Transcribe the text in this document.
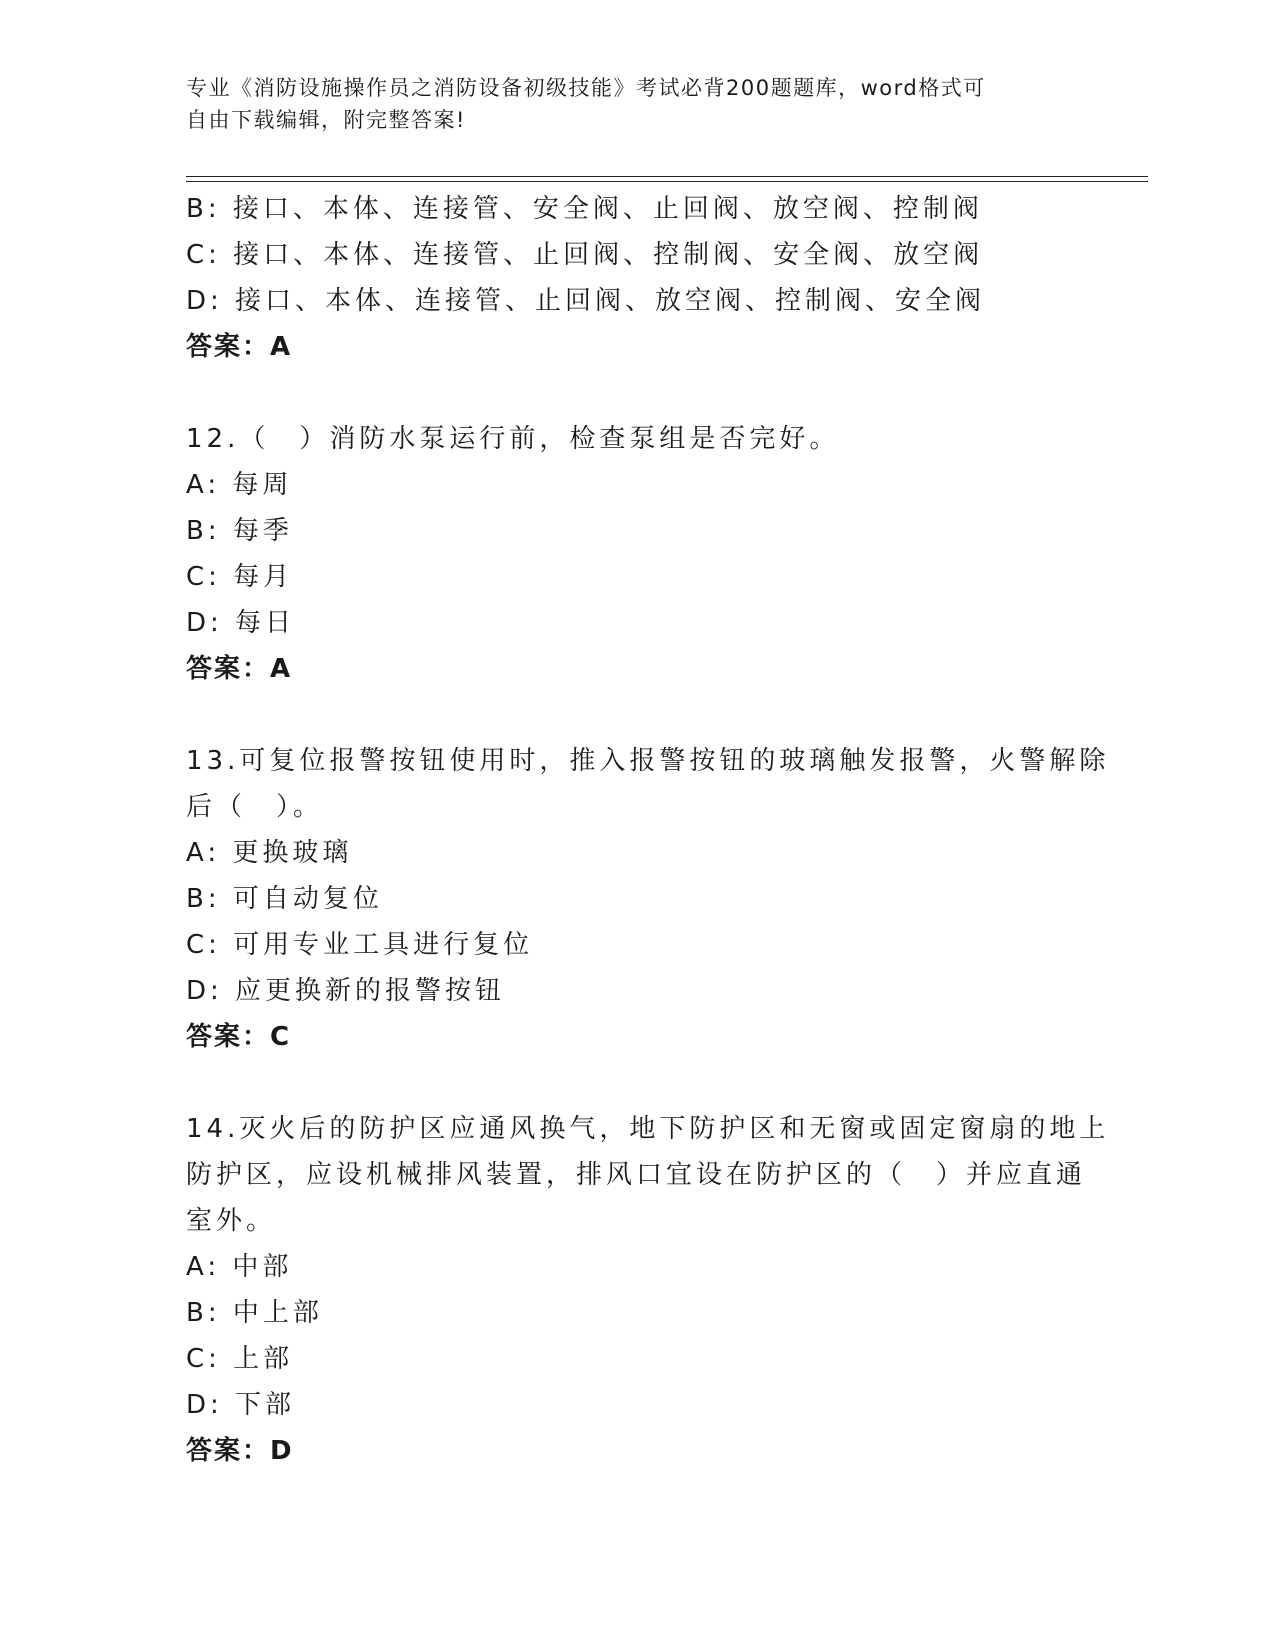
专业《消防设施操作员之消防设备初级技能》考试必背200题题库，word格式可
自由下载编辑，附完整答案!
B: 接口、本体、连接管、安全阀、止回阀、放空阀、控制阀
C: 接口、本体、连接管、止回阀、控制阀、安全阀、放空阀
D: 接口、本体、连接管、止回阀、放空阀、控制阀、安全阀
答案：A
12.（　）消防水泵运行前，检查泵组是否完好。
A: 每周
B: 每季
C: 每月
D: 每日
答案：A
13.可复位报警按钮使用时，推入报警按钮的玻璃触发报警，火警解除
后（　）。
A: 更换玻璃
B: 可自动复位
C: 可用专业工具进行复位
D: 应更换新的报警按钮
答案：C
14.灭火后的防护区应通风换气，地下防护区和无窗或固定窗扇的地上
防护区，应设机械排风装置，排风口宜设在防护区的（　）并应直通
室外。
A: 中部
B: 中上部
C: 上部
D: 下部
答案：D
